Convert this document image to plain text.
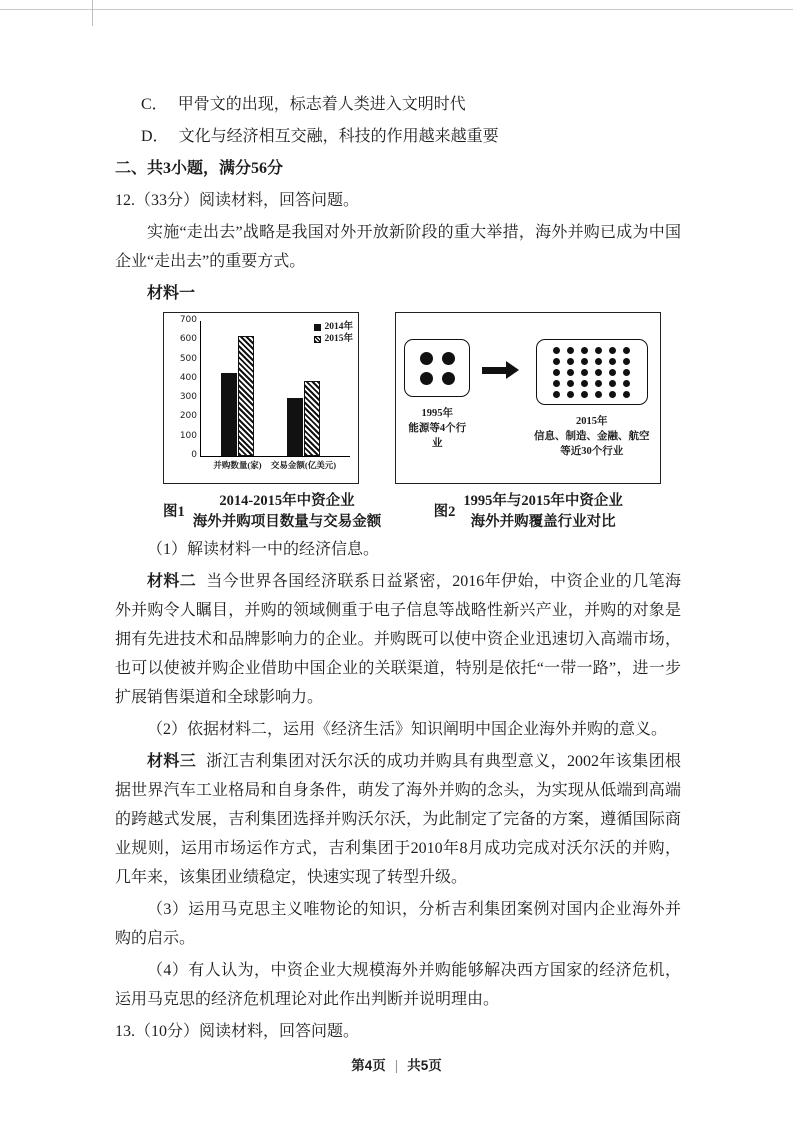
C． 甲骨文的出现，标志着人类进入文明时代

D． 文化与经济相互交融，科技的作用越来越重要

二、共3小题，满分56分

12.（33分）阅读材料，回答问题。

实施“走出去”战略是我国对外开放新阶段的重大举措，海外并购已成为中国企业“走出去”的重要方式。

材料一

700
600
500
400
300
200
100
0
并购数量(家) 交易金额(亿美元)
2014年
2015年
图1
2014-2015年中资企业
海外并购项目数量与交易金额
1995年
能源等4个行业
2015年
信息、制造、金融、航空等近30个行业
图2
1995年与2015年中资企业
海外并购覆盖行业对比

（1）解读材料一中的经济信息。

材料二 当今世界各国经济联系日益紧密，2016年伊始，中资企业的几笔海外并购令人瞩目，并购的领域侧重于电子信息等战略性新兴产业，并购的对象是拥有先进技术和品牌影响力的企业。并购既可以使中资企业迅速切入高端市场，也可以使被并购企业借助中国企业的关联渠道，特别是依托“一带一路”，进一步扩展销售渠道和全球影响力。

（2）依据材料二，运用《经济生活》知识阐明中国企业海外并购的意义。

材料三 浙江吉利集团对沃尔沃的成功并购具有典型意义，2002年该集团根据世界汽车工业格局和自身条件，萌发了海外并购的念头，为实现从低端到高端的跨越式发展，吉利集团选择并购沃尔沃，为此制定了完备的方案，遵循国际商业规则，运用市场运作方式，吉利集团于2010年8月成功完成对沃尔沃的并购，几年来，该集团业绩稳定，快速实现了转型升级。

（3）运用马克思主义唯物论的知识，分析吉利集团案例对国内企业海外并购的启示。

（4）有人认为，中资企业大规模海外并购能够解决西方国家的经济危机，运用马克思的经济危机理论对此作出判断并说明理由。

13.（10分）阅读材料，回答问题。

第4页 | 共5页
